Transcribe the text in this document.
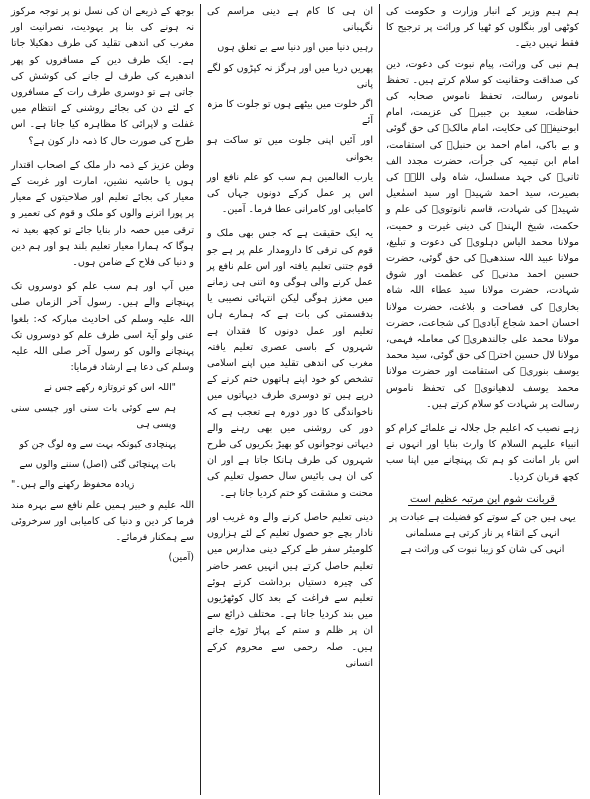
ہم ہیم وزیر کے انبار وزارت و حکومت کی کوٹھی اور بنگلوں کو ٹھیا کر وراثت پر ترجیح کا فقط نہیں دیتے۔

ہم نبی کی وراثت، پیام نبوت کی دعوت، دین کی صداقت وحقانیت کو سلام کرتے ہیں۔ تحفظ ناموس رسالت، تحفظ ناموس صحابہ کی حفاظت، سعید بن جبیرؓ کی عزیمت، امام ابوحنیفہؒ کی حکایت، امام مالکؒ کی حق گوئی و بے باکی، امام احمد بن حنبلؒ کی استقامت، امام ابن تیمیہ کی جرأت، حضرت مجدد الف ثانیؒ کی جہد مسلسل، شاہ ولی اللہؒ کی بصیرت، سید احمد شہیدؒ اور سید اسمٰعیل شہیدؒ کی شہادت، قاسم نانوتویؒ کی علم و حکمت، شیخ الہندؒ کی دینی غیرت و حمیت، مولانا محمد الیاس دہلویؒ کی دعوت و تبلیغ، مولانا عبید اللہ سندھیؒ کی حق گوئی، حضرت حسین احمد مدنیؒ کی عظمت اور شوق شہادت، حضرت مولانا سید عطاء اللہ شاہ بخاریؒ کی فصاحت و بلاغت، حضرت مولانا احسان احمد شجاع آبادیؒ کی شجاعت، حضرت مولانا محمد علی جالندھریؒ کی معاملہ فہمی، مولانا لال حسین اخترؒ کی حق گوئی، سید محمد یوسف بنوریؒ کی استقامت اور حضرت مولانا محمد یوسف لدھیانویؒ کی تحفظ ناموس رسالت پر شہادت کو سلام کرتے ہیں۔

زہے نصیب کہ اعلیم جل جلالہ نے علمائے کرام کو انبیاء علیہم السلام کا وارث بنایا اور انہوں نے اس بار امانت کو ہم تک پہنچانے میں اپنا سب کچھ قربان کردیا۔

قربانت شوم این مرتبہ عظیم است

یہی ہیں جن کے سوتے کو فضیلت ہے عبادت پر

انہی کے اتقاء پر ناز کرتی ہے مسلمانی

انہی کی شان کو زیبا نبوت کی وراثت ہے

ان ہی کا کام ہے دینی مراسم کی نگہبانی

رہیں دنیا میں اور دنیا سے بے تعلق ہوں

پھریں دریا میں اور ہرگز نہ کپڑوں کو لگے پانی

اگر خلوت میں بیٹھے ہوں تو جلوت کا مزہ آئے

اور آئیں اپنی جلوت میں تو ساکت ہو بخوانی

یارب العالمین ہم سب کو علم نافع اور اس پر عمل کرکے دونوں جہاں کی کامیابی اور کامرانی عطا فرما۔ آمین۔

یہ ایک حقیقت ہے کہ جس بھی ملک و قوم کی ترقی کا دارومدار علم پر ہے جو قوم جتنی تعلیم یافتہ اور اس علم نافع پر عمل کرنے والی ہوگی وہ اتنی ہی زمانے میں معزز ہوگی لیکن انتہائی نصیبی یا بدقسمتی کی بات ہے کہ ہمارے ہاں تعلیم اور عمل دونوں کا فقدان ہے شہروں کے باسی عصری تعلیم یافتہ مغرب کی اندھی تقلید میں اپنے اسلامی تشخص کو خود اپنے ہاتھوں ختم کرنے کے درپے ہیں تو دوسری طرف دیہاتوں میں ناخواندگی کا دور دورہ ہے تعجب ہے کہ دور کی روشنی میں بھی رہنے والے دیہاتی نوجوانوں کو بھیڑ بکریوں کی طرح شہروں کی طرف ہانکا جاتا ہے اور ان کی ان ہی بائیس سال حصول تعلیم کی محنت و مشقت کو ختم کردیا جاتا ہے۔

دینی تعلیم حاصل کرنے والے وہ غریب اور نادار بچے جو حصول تعلیم کے لئے ہزاروں کلومیٹر سفر طے کرکے دینی مدارس میں تعلیم حاصل کرتے ہیں انہیں عصر حاضر کی چیرہ دستیاں برداشت کرتے ہوئے تعلیم سے فراغت کے بعد کال کوٹھڑیوں میں بند کردیا جاتا ہے۔ مختلف ذرائع سے ان پر ظلم و ستم کے پہاڑ توڑے جاتے ہیں۔ صلہ رحمی سے محروم کرکے انسانی

بوجھ کے ذریعے ان کی نسل نو پر توجہ مرکوز نہ ہونے کی بنا پر یہودیت، نصرانیت اور مغرب کی اندھی تقلید کی طرف دھکیلا جاتا ہے۔ ایک طرف دین کے مسافروں کو پھر اندھیرے کی طرف لے جانے کی کوشش کی جاتی ہے تو دوسری طرف رات کے مسافروں کے لئے دن کی بجائے روشنی کے انتظام میں غفلت و لاپرائی کا مظاہرہ کیا جاتا ہے۔ اس طرح کی صورت حال کا ذمہ دار کون ہے؟

وطن عزیز کے ذمہ دار ملک کے اصحاب اقتدار ہوں یا حاشیہ نشین، امارت اور غربت کے معیار کی بجائے تعلیم اور صلاحیتوں کے معیار پر پورا اترنے والوں کو ملک و قوم کی تعمیر و ترقی میں حصہ دار بنایا جائے تو کچھ بعید نہ ہوگا کہ ہمارا معیار تعلیم بلند ہو اور ہم دین و دنیا کی فلاح کے ضامن ہوں۔

میں آپ اور ہم سب علم کو دوسروں تک پہنچانے والے ہیں۔ رسول آخر الزماں صلی اللہ علیہ وسلم کی احادیث مبارکہ کہ: بلغوا عنی ولو آیۃ اسی طرف علم کو دوسروں تک پہنچانے والوں کو رسول آخر صلی اللہ علیہ وسلم کی دعا ہے ارشاد فرمایا:

"اللہ اس کو تروتازہ رکھے جس نے

ہم سے کوئی بات سنی اور جیسی سنی ویسی ہی

پہنچادی کیونکہ بہت سے وہ لوگ جن کو

بات پہنچائی گئی (اصل) سننے والوں سے

زیادہ محفوظ رکھنے والے ہیں۔"

اللہ علیم و خبیر ہمیں علم نافع سے بہرہ مند فرما کر دین و دنیا کی کامیابی اور سرخروئی سے ہمکنار فرمائے۔

(آمین)
